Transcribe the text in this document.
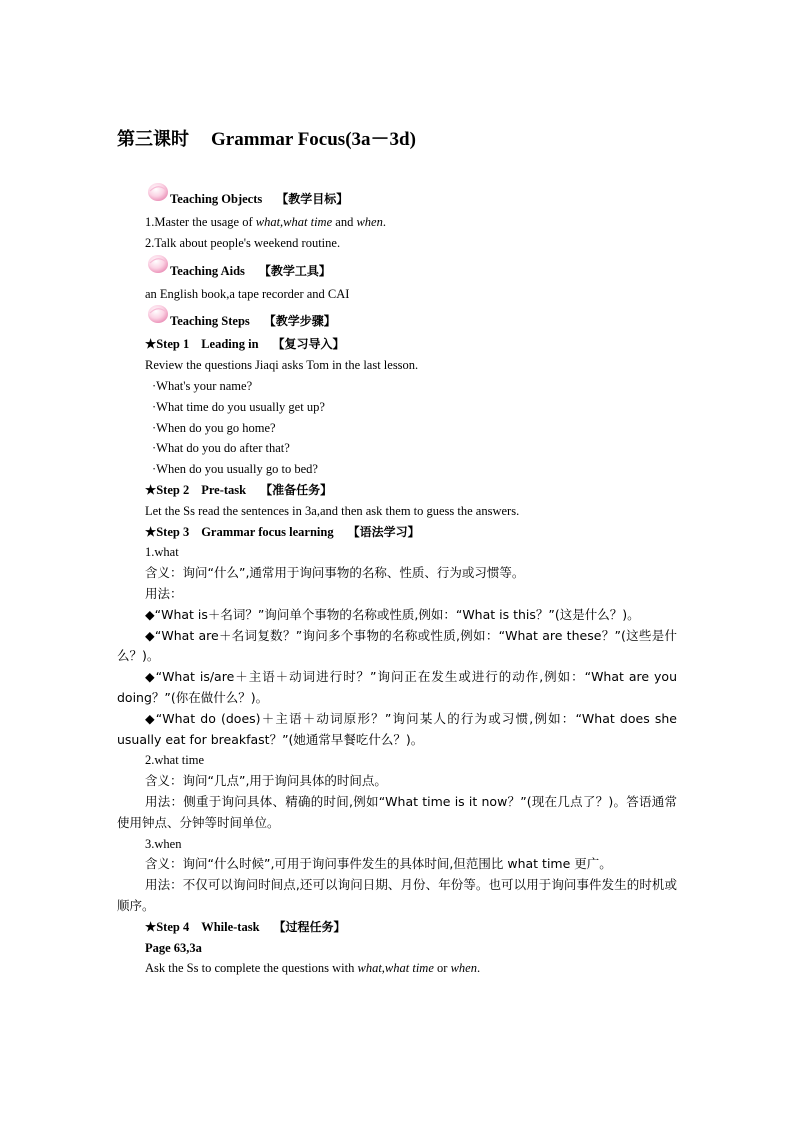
第三课时 Grammar Focus(3a－3d)
Teaching Objects 【教学目标】
1.Master the usage of what,what time and when.
2.Talk about people's weekend routine.
Teaching Aids 【教学工具】
an English book,a tape recorder and CAI
Teaching Steps 【教学步骤】
★Step 1 Leading in 【复习导入】
Review the questions Jiaqi asks Tom in the last lesson.
·What's your name?
·What time do you usually get up?
·When do you go home?
·What do you do after that?
·When do you usually go to bed?
★Step 2 Pre-task 【准备任务】
Let the Ss read the sentences in 3a,and then ask them to guess the answers.
★Step 3 Grammar focus learning 【语法学习】
1.what
含义：询问“什么”,通常用于询问事物的名称、性质、行为或习惯等。
用法：
◆“What is＋名词？”询问单个事物的名称或性质,例如：“What is this？”(这是什么？)。
◆“What are＋名词复数？”询问多个事物的名称或性质,例如：“What are these？”(这些是什么？)。
◆“What is/are＋主语＋动词进行时？”询问正在发生或进行的动作,例如：“What are you doing？”(你在做什么？)。
◆“What do (does)＋主语＋动词原形？”询问某人的行为或习惯,例如：“What does she usually eat for breakfast？”(她通常早餐吃什么？)。
2.what time
含义：询问“几点”,用于询问具体的时间点。
用法：侧重于询问具体、精确的时间,例如“What time is it now？”(现在几点了？)。答语通常使用钟点、分钟等时间单位。
3.when
含义：询问“什么时候”,可用于询问事件发生的具体时间,但范围比 what time 更广。
用法：不仅可以询问时间点,还可以询问日期、月份、年份等。也可以用于询问事件发生的时机或顺序。
★Step 4 While-task 【过程任务】
Page 63,3a
Ask the Ss to complete the questions with what,what time or when.
